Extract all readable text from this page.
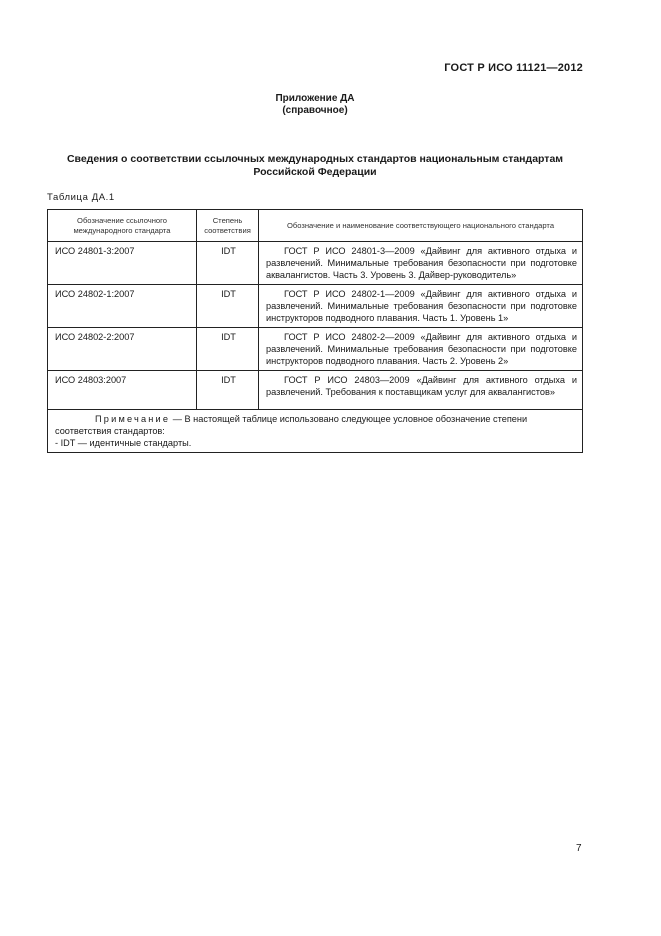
ГОСТ Р ИСО 11121—2012
Приложение ДА
(справочное)
Сведения о соответствии ссылочных международных стандартов национальным стандартам
Российской Федерации
Таблица ДА.1
Обозначение ссылочного международного стандарта	Степень соответствия	Обозначение и наименование соответствующего национального стандарта
ИСО 24801-3:2007	IDT	ГОСТ Р ИСО 24801-3—2009 «Дайвинг для активного отдыха и развлечений. Минимальные требования безопасности при подготовке аквалангистов. Часть 3. Уровень 3. Дайвер-руководитель»
ИСО 24802-1:2007	IDT	ГОСТ Р ИСО 24802-1—2009 «Дайвинг для активного отдыха и развлечений. Минимальные требования безопасности при подготовке инструкторов подводного плавания. Часть 1. Уровень 1»
ИСО 24802-2:2007	IDT	ГОСТ Р ИСО 24802-2—2009 «Дайвинг для активного отдыха и развлечений. Минимальные требования безопасности при подготовке инструкторов подводного плавания. Часть 2. Уровень 2»
ИСО 24803:2007	IDT	ГОСТ Р ИСО 24803—2009 «Дайвинг для активного отдыха и развлечений. Требования к поставщикам услуг для аквалангистов»
Примечание — В настоящей таблице использовано следующее условное обозначение степени соответствия стандартов:
- IDT — идентичные стандарты.		
7
